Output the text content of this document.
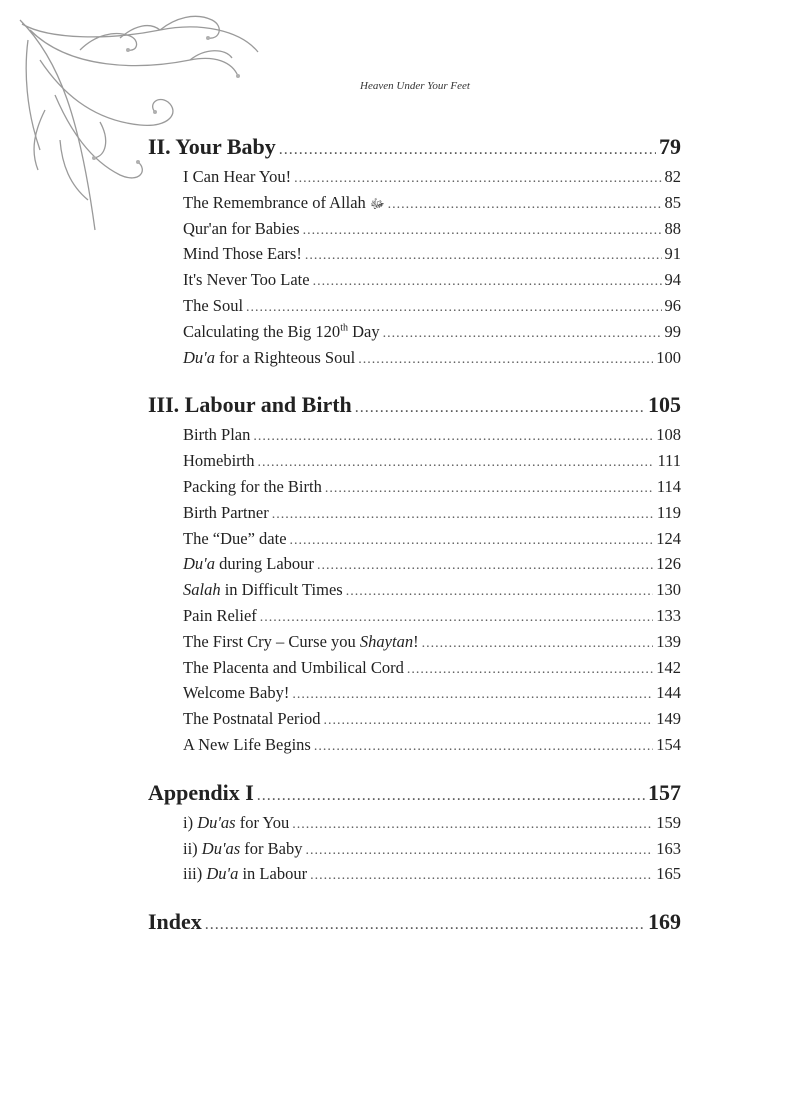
Heaven Under Your Feet
II. Your Baby .....	79
I Can Hear You! .....	82
The Remembrance of Allah ﷻ .....	85
Qur'an for Babies .....	88
Mind Those Ears! .....	91
It's Never Too Late .....	94
The Soul .....	96
Calculating the Big 120th Day .....	99
Du'a for a Righteous Soul .....	100
III. Labour and Birth .....	105
Birth Plan .....	108
Homebirth .....	111
Packing for the Birth .....	114
Birth Partner .....	119
The “Due” date .....	124
Du'a during Labour .....	126
Salah in Difficult Times .....	130
Pain Relief .....	133
The First Cry – Curse you Shaytan! .....	139
The Placenta and Umbilical Cord .....	142
Welcome Baby! .....	144
The Postnatal Period .....	149
A New Life Begins .....	154
Appendix I .....	157
i) Du'as for You .....	159
ii) Du'as for Baby .....	163
iii) Du'a in Labour .....	165
Index .....	169
